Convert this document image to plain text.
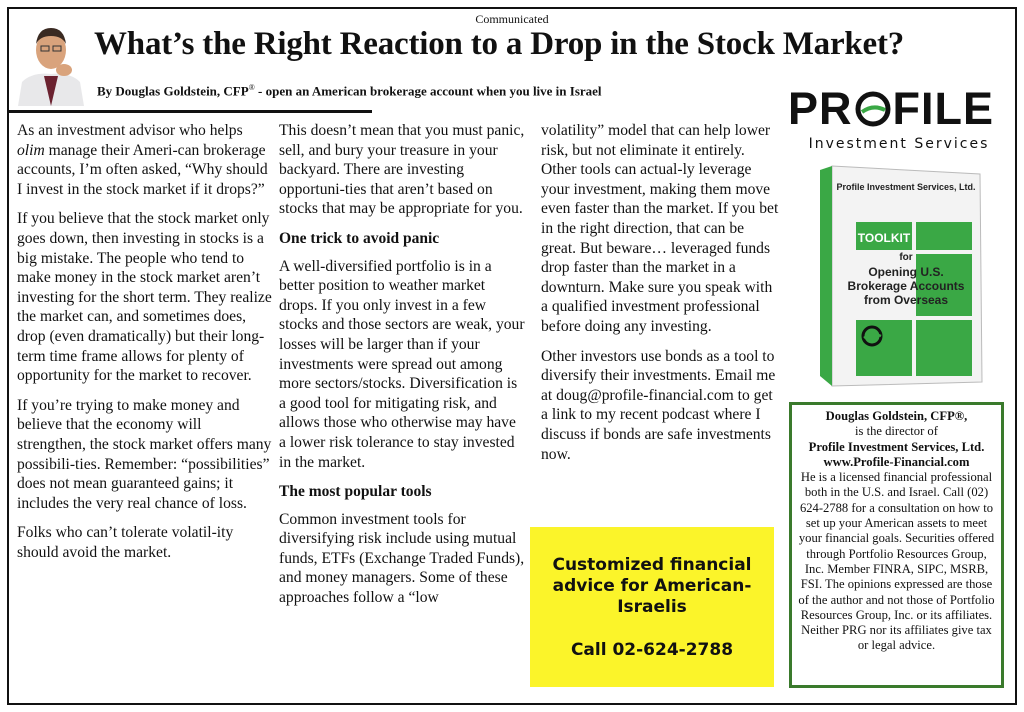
Communicated
What’s the Right Reaction to a Drop in the Stock Market?
By Douglas Goldstein, CFP® - open an American brokerage account when you live in Israel

As an investment advisor who helps olim manage their Ameri-can brokerage accounts, I’m often asked, “Why should I invest in the stock market if it drops?”

If you believe that the stock market only goes down, then investing in stocks is a big mistake. The people who tend to make money in the stock market aren’t investing for the short term. They realize the market can, and sometimes does, drop (even dramatically) but their long-term time frame allows for plenty of opportunity for the market to recover.

If you’re trying to make money and believe that the economy will strengthen, the stock market offers many possibili-ties. Remember: “possibilities” does not mean guaranteed gains; it includes the very real chance of loss.

Folks who can’t tolerate volatil-ity should avoid the market.

This doesn’t mean that you must panic, sell, and bury your treasure in your backyard. There are investing opportuni-ties that aren’t based on stocks that may be appropriate for you.

One trick to avoid panic

A well-diversified portfolio is in a better position to weather market drops. If you only invest in a few stocks and those sectors are weak, your losses will be larger than if your investments were spread out among more sectors/stocks. Diversification is a good tool for mitigating risk, and allows those who otherwise may have a lower risk tolerance to stay invested in the market.

The most popular tools

Common investment tools for diversifying risk include using mutual funds, ETFs (Exchange Traded Funds), and money managers. Some of these approaches follow a “low

volatility” model that can help lower risk, but not eliminate it entirely. Other tools can actual-ly leverage your investment, making them move even faster than the market. If you bet in the right direction, that can be great. But beware… leveraged funds drop faster than the market in a downturn. Make sure you speak with a qualified investment professional before doing any investing.

Other investors use bonds as a tool to diversify their investments. Email me at doug@profile-financial.com to get a link to my recent podcast where I discuss if bonds are safe investments now.

PR FILE
Investment Services
Profile Investment Services, Ltd.
TOOLKIT
for
Opening U.S.
Brokerage Accounts
from Overseas
Customized financial
advice for American-
Israelis
Call 02-624-2788
Douglas Goldstein, CFP®,
is the director of
Profile Investment Services, Ltd.
www.Profile-Financial.com
He is a licensed financial professional both in the U.S. and Israel. Call (02) 624-2788 for a consultation on how to set up your American assets to meet your financial goals. Securities offered through Portfolio Resources Group, Inc. Member FINRA, SIPC, MSRB, FSI. The opinions expressed are those of the author and not those of Portfolio Resources Group, Inc. or its affiliates. Neither PRG nor its affiliates give tax or legal advice.
